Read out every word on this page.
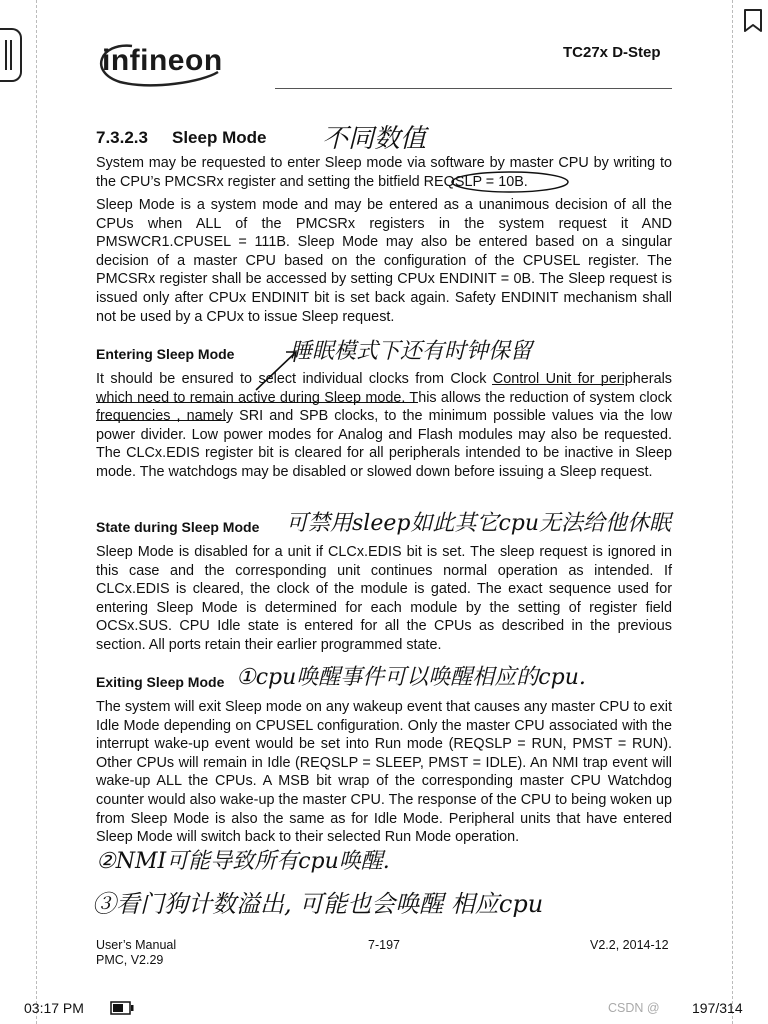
infineon	TC27x D-Step
7.3.2.3 Sleep Mode 不同数值

System may be requested to enter Sleep mode via software by master CPU by writing to the CPU’s PMCSRx register and setting the bitfield REQSLP = 10B.

Sleep Mode is a system mode and may be entered as a unanimous decision of all the CPUs when ALL of the PMCSRx registers in the system request it AND PMSWCR1.CPUSEL = 111B. Sleep Mode may also be entered based on a singular decision of a master CPU based on the configuration of the CPUSEL register. The PMCSRx register shall be accessed by setting CPUx ENDINIT = 0B. The Sleep request is issued only after CPUx ENDINIT bit is set back again. Safety ENDINIT mechanism shall not be used by a CPUx to issue Sleep request.

Entering Sleep Mode	睡眠模式下还有时钟保留

It should be ensured to select individual clocks from Clock Control Unit for peripherals which need to remain active during Sleep mode. This allows the reduction of system clock frequencies , namely SRI and SPB clocks, to the minimum possible values via the low power divider. Low power modes for Analog and Flash modules may also be requested. The CLCx.EDIS register bit is cleared for all peripherals intended to be inactive in Sleep mode. The watchdogs may be disabled or slowed down before issuing a Sleep request.

State during Sleep Mode 可禁用sleep如此其它cpu无法给他休眠

Sleep Mode is disabled for a unit if CLCx.EDIS bit is set. The sleep request is ignored in this case and the corresponding unit continues normal operation as intended. If CLCx.EDIS is cleared, the clock of the module is gated. The exact sequence used for entering Sleep Mode is determined for each module by the setting of register field OCSx.SUS. CPU Idle state is entered for all the CPUs as described in the previous section. All ports retain their earlier programmed state.

Exiting Sleep Mode ①cpu唤醒事件可以唤醒相应的cpu.

The system will exit Sleep mode on any wakeup event that causes any master CPU to exit Idle Mode depending on CPUSEL configuration. Only the master CPU associated with the interrupt wake-up event would be set into Run mode (REQSLP = RUN, PMST = RUN). Other CPUs will remain in Idle (REQSLP = SLEEP, PMST = IDLE). An NMI trap event will wake-up ALL the CPUs. A MSB bit wrap of the corresponding master CPU Watchdog counter would also wake-up the master CPU. The response of the CPU to being woken up from Sleep Mode is also the same as for Idle Mode. Peripheral units that have entered Sleep Mode will switch back to their selected Run Mode operation.

②NMI可能导致所有cpu唤醒.
③看门狗计数溢出, 可能也会唤醒 相应cpu
User’s Manual
PMC, V2.29
7-197	V2.2, 2014-12
03:17 PM	CSDN @ 197/314
